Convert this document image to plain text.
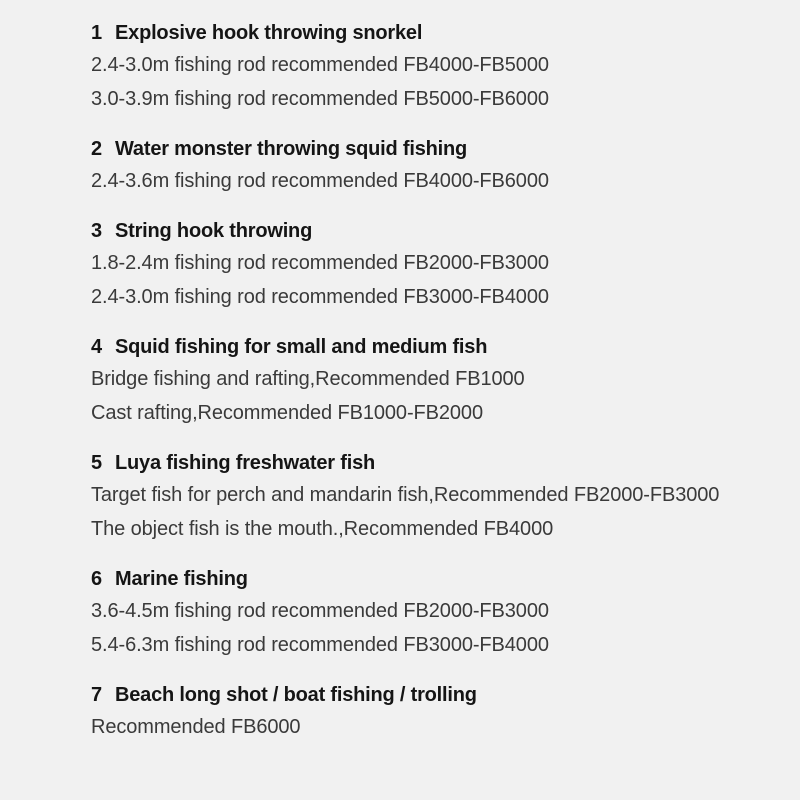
1 Explosive hook throwing snorkel
2.4-3.0m fishing rod recommended FB4000-FB5000
3.0-3.9m fishing rod recommended FB5000-FB6000
2 Water monster throwing squid fishing
2.4-3.6m fishing rod recommended FB4000-FB6000
3 String hook throwing
1.8-2.4m fishing rod recommended FB2000-FB3000
2.4-3.0m fishing rod recommended FB3000-FB4000
4 Squid fishing for small and medium fish
Bridge fishing and rafting,Recommended FB1000
Cast rafting,Recommended FB1000-FB2000
5 Luya fishing freshwater fish
Target fish for perch and mandarin fish,Recommended FB2000-FB3000
The object fish is the mouth.,Recommended FB4000
6 Marine fishing
3.6-4.5m fishing rod recommended FB2000-FB3000
5.4-6.3m fishing rod recommended FB3000-FB4000
7 Beach long shot / boat fishing / trolling
Recommended FB6000
